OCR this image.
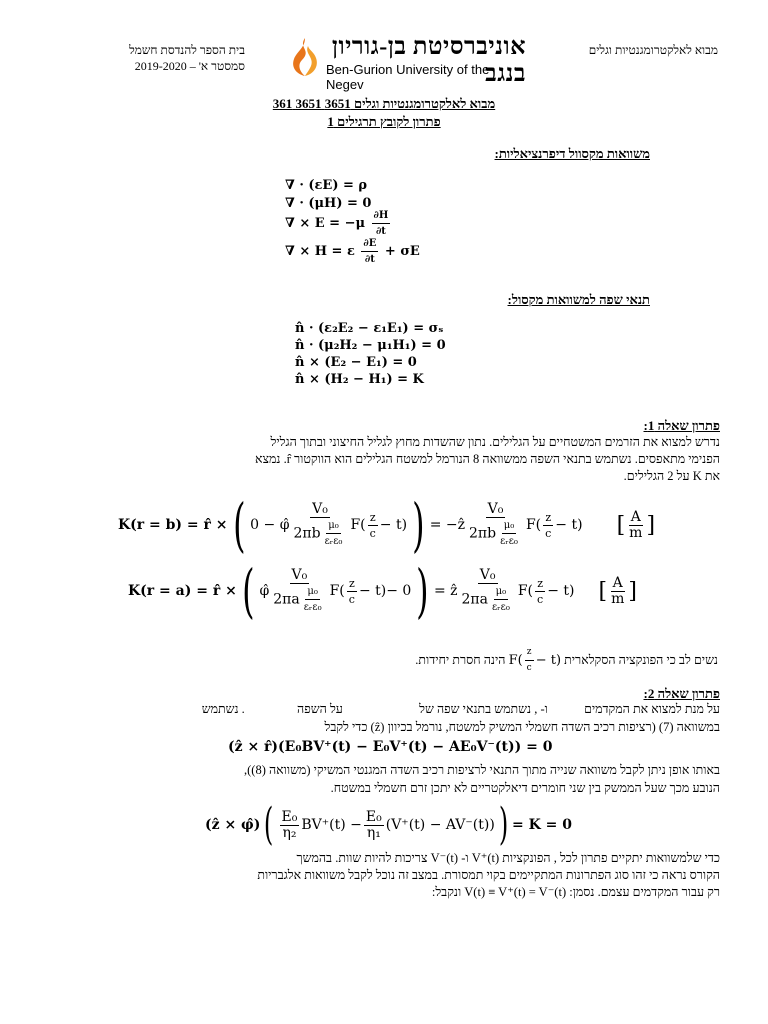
בית הספר להנדסת חשמל
סמסטר א' – 2019-2020
אוניברסיטת בן-גוריון בנגב
Ben-Gurion University of the Negev
מבוא לאלקטרומגנטיות וגלים
מבוא לאלקטרומגנטיות וגלים 3651 3651 361
פתרון לקובץ תרגילים 1
משוואות מקסוול דיפרנציאליות:
∇ · (εE) = ρ
∇ · (μH) = 0
∇ × $E = -\mu \frac{\partial H}{\partial t}$
∇ × H = ε $\frac{\partial E}{\partial t} + \sigma E$
תנאי שפה למשוואות מקסול:
n̂ · (ε₂E₂ − ε₁E₁) = σₛ
n̂ · (μ₂H₂ − μ₁H₁) = 0
n̂ × (E₂ − E₁) = 0
n̂ × (H₂ − H₁) = K
פתרון שאלה 1:
נדרש למצוא את הזרמים המשטחיים על הגלילים. נתון שהשדות מחוץ לגליל החיצוני ובתוך הגליל
הפנימי מתאפסים. נשתמש בתנאי השפה ממשוואה 8 הנורמל למשטח הגלילים הוא הווקטור r̂. נמצא
את K על 2 הגלילים.
K(r = b) = r̂ × ( 0 − φ̂ $\frac{\text{V₀}}{2\pi b \frac{\text{μ₀}}{\text{εᵣε₀}}} F( \frac{z}{c} - t)$ ) = −ẑ $\frac{\text{V₀}}{2\pi b \frac{\text{μ₀}}{\text{εᵣε₀}}} F( \frac{z}{c} - t)$ [ $\frac{A}{m}$ ]
K(r = a) = r̂ × ( φ̂ $\frac{\text{V₀}}{2\pi a \frac{\text{μ₀}}{\text{εᵣε₀}}} F( \frac{z}{c} - t) - 0$ ) = ẑ $\frac{\text{V₀}}{2\pi a \frac{\text{μ₀}}{\text{εᵣε₀}}} F( \frac{z}{c} - t)$ [ $\frac{A}{m}$ ]
נשים לב כי הפונקציה הסקלארית $F( \frac{z}{c} - t)$ הינה חסרת יחידות.
פתרון שאלה 2:
על מנת למצוא את המקדמים  ו- , נשתמש בתנאי שפה של  על השפה  . נשתמש
במשוואה (7) (רציפות רכיב השדה חשמלי המשיק למשטח, נורמל בכיוון (ẑ) כדי לקבל
(ẑ × r̂)(E₀BV⁺(t) − E₀V⁺(t) − AE₀V⁻(t)) = 0
באותו אופן ניתן לקבל משוואה שנייה מתוך התנאי לרציפות רכיב השדה המגנטי המשיקי (משוואה (8)),
הנובע מכך שעל הממשק בין שני חומרים דיאלקטריים לא יתכן זרם חשמלי במשטח.
(ẑ × φ̂) ( $\frac{\text{E₀}}{\text{η₂}} BV^+(t) - \frac{\text{E₀}}{\text{η₁}} (V^+(t) - AV^-(t))$ ) = K = 0
כדי שלמשוואות יתקיים פתרון לכל , הפונקציות V⁺(t) ו- V⁻(t) צריכות להיות שוות. בהמשך
הקורס נראה כי זהו סוג הפתרונות המתקיימים בקוי תמסורת. במצב זה נוכל לקבל משוואות אלגבריות
רק עבור המקדמים עצמם. נסמן: V(t) ≡ V⁺(t) = V⁻(t) ונקבל:
